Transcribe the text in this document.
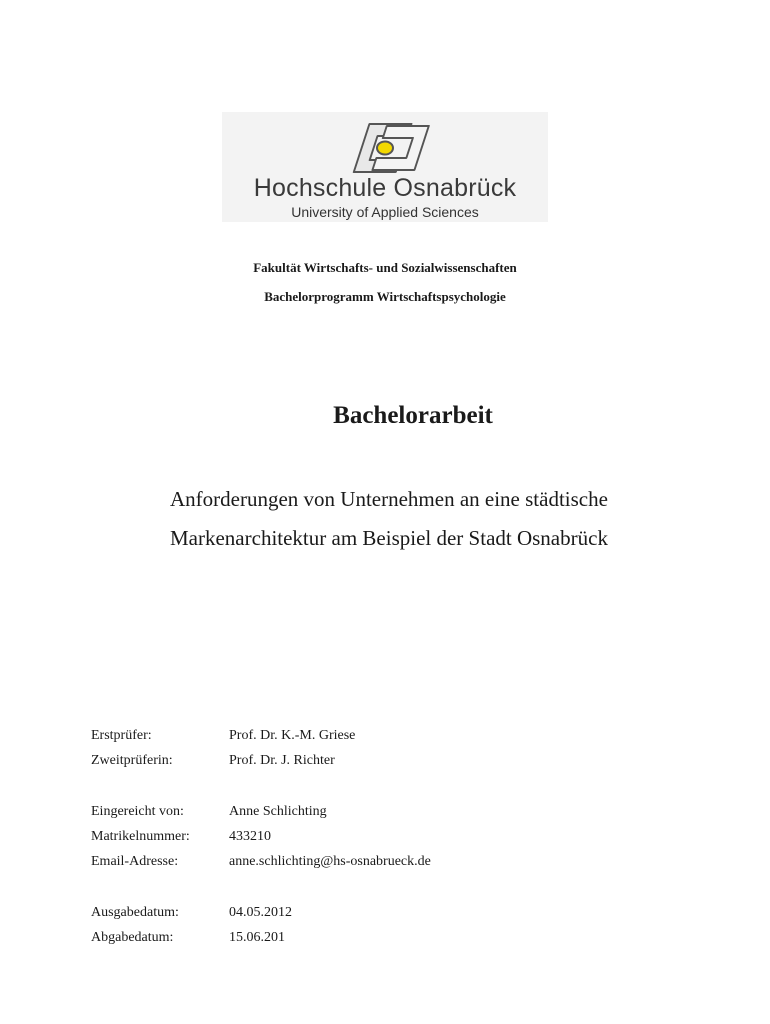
Hochschule Osnabrück
University of Applied Sciences
Fakultät Wirtschafts- und Sozialwissenschaften
Bachelorprogramm Wirtschaftspsychologie
Bachelorarbeit
Anforderungen von Unternehmen an eine städtische
Markenarchitektur am Beispiel der Stadt Osnabrück
Erstprüfer:	Prof. Dr. K.-M. Griese
Zweitprüferin:	Prof. Dr. J. Richter
Eingereicht von:	Anne Schlichting
Matrikelnummer:	433210
Email-Adresse:	anne.schlichting@hs-osnabrueck.de
Ausgabedatum:	04.05.2012
Abgabedatum:	15.06.201
